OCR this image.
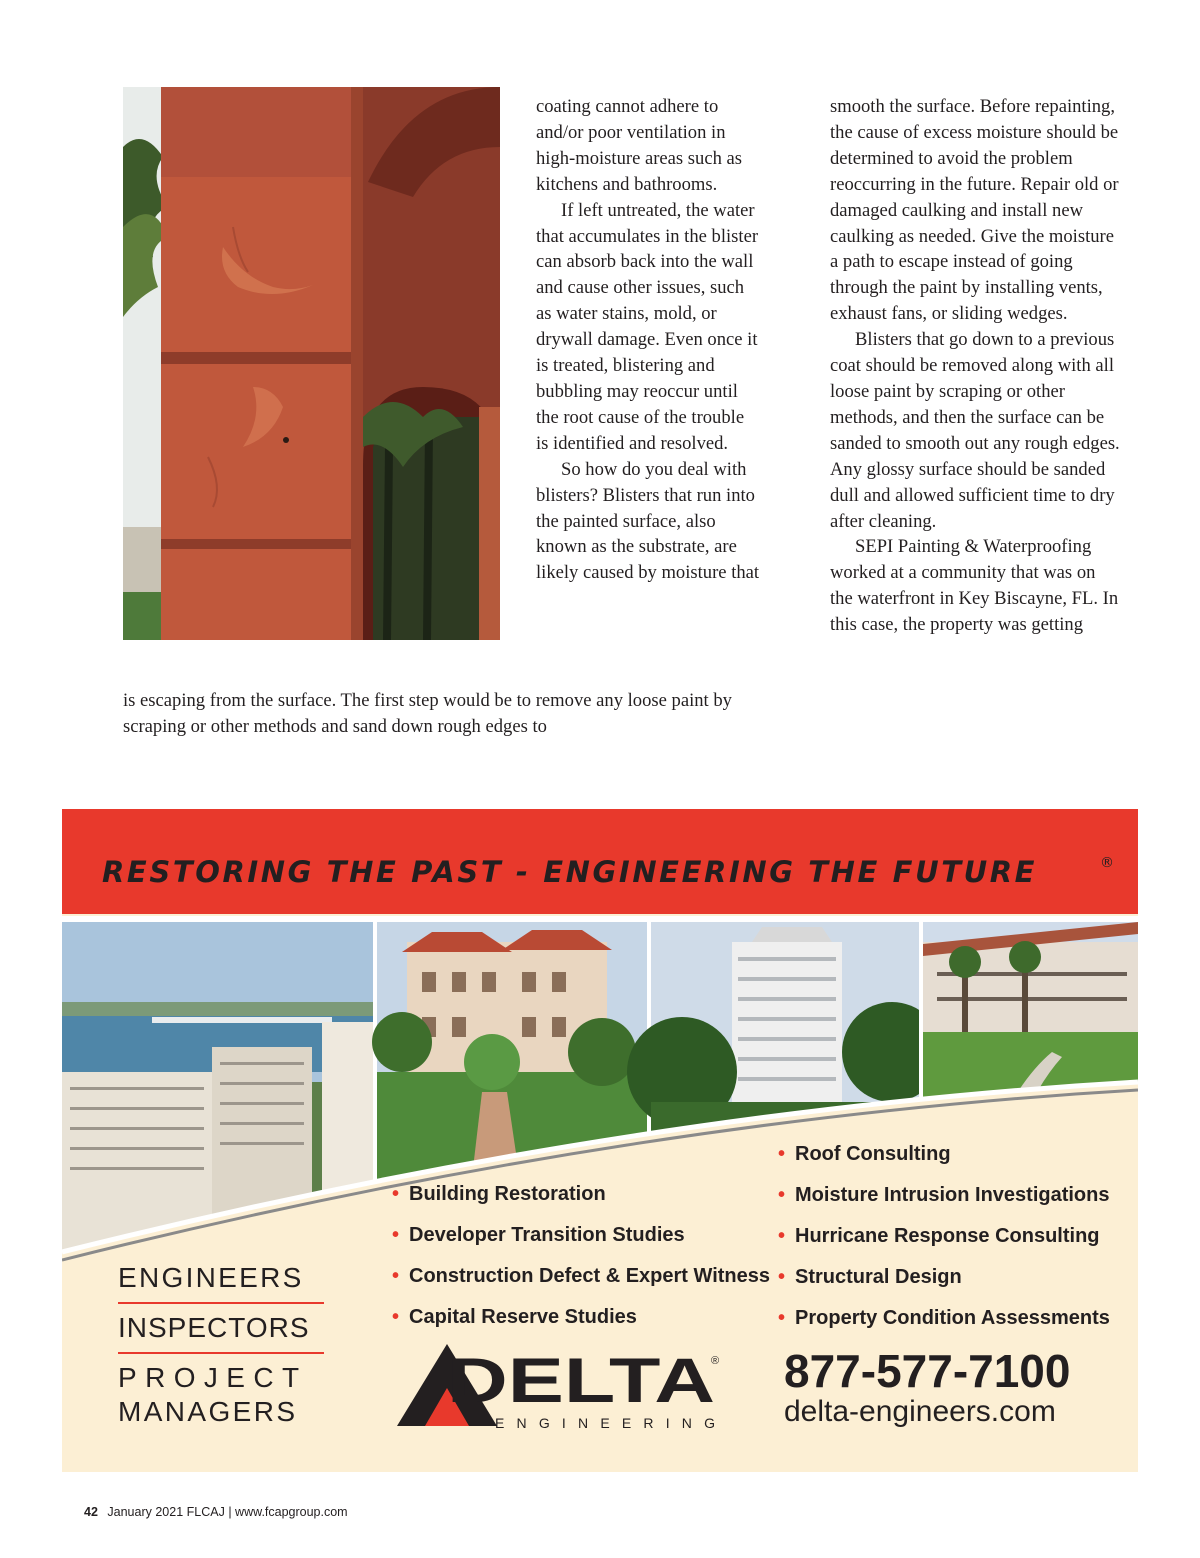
coating cannot adhere to and/or poor ventilation in high-moisture areas such as kitchens and bathrooms.

If left untreated, the water that accumulates in the blister can absorb back into the wall and cause other issues, such as water stains, mold, or drywall damage. Even once it is treated, blistering and bubbling may reoccur until the root cause of the trouble is identified and resolved.

So how do you deal with blisters? Blisters that run into the painted surface, also known as the substrate, are likely caused by moisture that

is escaping from the surface. The first step would be to remove any loose paint by scraping or other methods and sand down rough edges to

smooth the surface. Before repainting, the cause of excess moisture should be determined to avoid the problem reoccurring in the future. Repair old or damaged caulking and install new caulking as needed. Give the moisture a path to escape instead of going through the paint by installing vents, exhaust fans, or sliding wedges.

Blisters that go down to a previous coat should be removed along with all loose paint by scraping or other methods, and then the surface can be sanded to smooth out any rough edges. Any glossy surface should be sanded dull and allowed sufficient time to dry after cleaning.

SEPI Painting & Waterproofing worked at a community that was on the waterfront in Key Biscayne, FL. In this case, the property was getting

RESTORING THE PAST - ENGINEERING THE FUTURE	®
• Building Restoration
• Developer Transition Studies
• Construction Defect & Expert Witness
• Capital Reserve Studies
• Roof Consulting
• Moisture Intrusion Investigations
• Hurricane Response Consulting
• Structural Design
• Property Condition Assessments
ENGINEERS
INSPECTORS
PROJECT
MANAGERS	DELTA
®
ENGINEERING
877-577-7100
delta-engineers.com
42 January 2021 FLCAJ | www.fcapgroup.com
